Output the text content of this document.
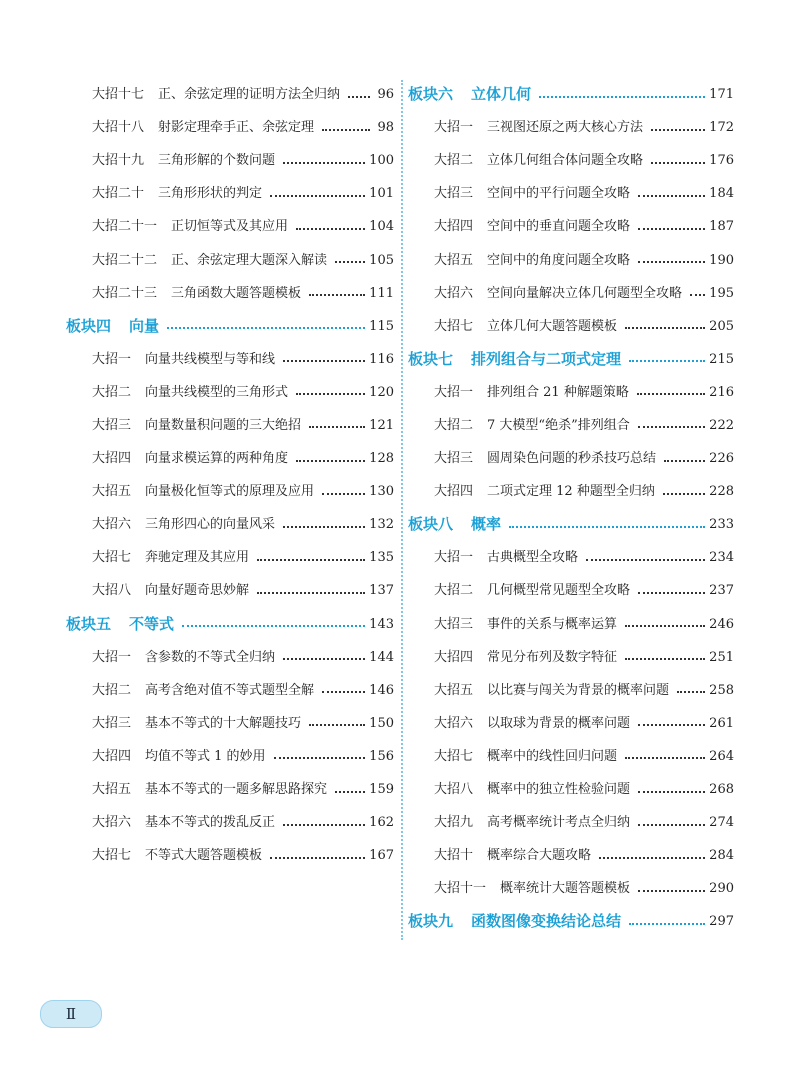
大招十七 正、余弦定理的证明方法全归纳	96
大招十八 射影定理牵手正、余弦定理	98
大招十九 三角形解的个数问题	100
大招二十 三角形形状的判定	101
大招二十一 正切恒等式及其应用	104
大招二十二 正、余弦定理大题深入解读	105
大招二十三 三角函数大题答题模板	111
板块四 向量	115
大招一 向量共线模型与等和线	116
大招二 向量共线模型的三角形式	120
大招三 向量数量积问题的三大绝招	121
大招四 向量求模运算的两种角度	128
大招五 向量极化恒等式的原理及应用	130
大招六 三角形四心的向量风采	132
大招七 奔驰定理及其应用	135
大招八 向量好题奇思妙解	137
板块五 不等式	143
大招一 含参数的不等式全归纳	144
大招二 高考含绝对值不等式题型全解	146
大招三 基本不等式的十大解题技巧	150
大招四 均值不等式 1 的妙用	156
大招五 基本不等式的一题多解思路探究	159
大招六 基本不等式的拨乱反正	162
大招七 不等式大题答题模板	167
板块六 立体几何	171
大招一 三视图还原之两大核心方法	172
大招二 立体几何组合体问题全攻略	176
大招三 空间中的平行问题全攻略	184
大招四 空间中的垂直问题全攻略	187
大招五 空间中的角度问题全攻略	190
大招六 空间向量解决立体几何题型全攻略 195
大招七 立体几何大题答题模板	205
板块七 排列组合与二项式定理	215
大招一 排列组合 21 种解题策略	216
大招二 7 大模型“绝杀”排列组合	222
大招三 圆周染色问题的秒杀技巧总结	226
大招四 二项式定理 12 种题型全归纳	228
板块八 概率	233
大招一 古典概型全攻略	234
大招二 几何概型常见题型全攻略	237
大招三 事件的关系与概率运算	246
大招四 常见分布列及数字特征	251
大招五 以比赛与闯关为背景的概率问题	258
大招六 以取球为背景的概率问题	261
大招七 概率中的线性回归问题	264
大招八 概率中的独立性检验问题	268
大招九 高考概率统计考点全归纳	274
大招十 概率综合大题攻略	284
大招十一 概率统计大题答题模板	290
板块九 函数图像变换结论总结	297
Ⅱ
